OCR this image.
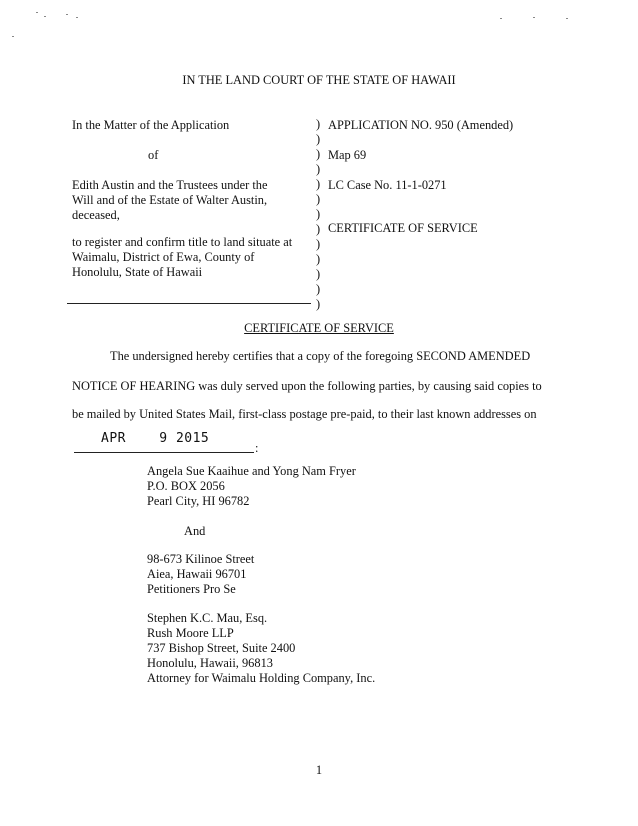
IN THE LAND COURT OF THE STATE OF HAWAII
In the Matter of the Application
of
Edith Austin and the Trustees under the
Will and of the Estate of Walter Austin,
deceased,
to register and confirm title to land situate at
Waimalu, District of Ewa, County of
Honolulu, State of Hawaii
)
)
)
)
)
)
)
)
)
)
)
)
)
APPLICATION NO. 950 (Amended)
Map 69
LC Case No. 11-1-0271
CERTIFICATE OF SERVICE
CERTIFICATE OF SERVICE
The undersigned hereby certifies that a copy of the foregoing SECOND AMENDED
NOTICE OF HEARING was duly served upon the following parties, by causing said copies to
be mailed by United States Mail, first-class postage pre-paid, to their last known addresses on
APR    9 2015
:
Angela Sue Kaaihue and Yong Nam Fryer
P.O. BOX 2056
Pearl City, HI 96782
And
98-673 Kilinoe Street
Aiea, Hawaii 96701
Petitioners Pro Se
Stephen K.C. Mau, Esq.
Rush Moore LLP
737 Bishop Street, Suite 2400
Honolulu, Hawaii, 96813
Attorney for Waimalu Holding Company, Inc.
1
